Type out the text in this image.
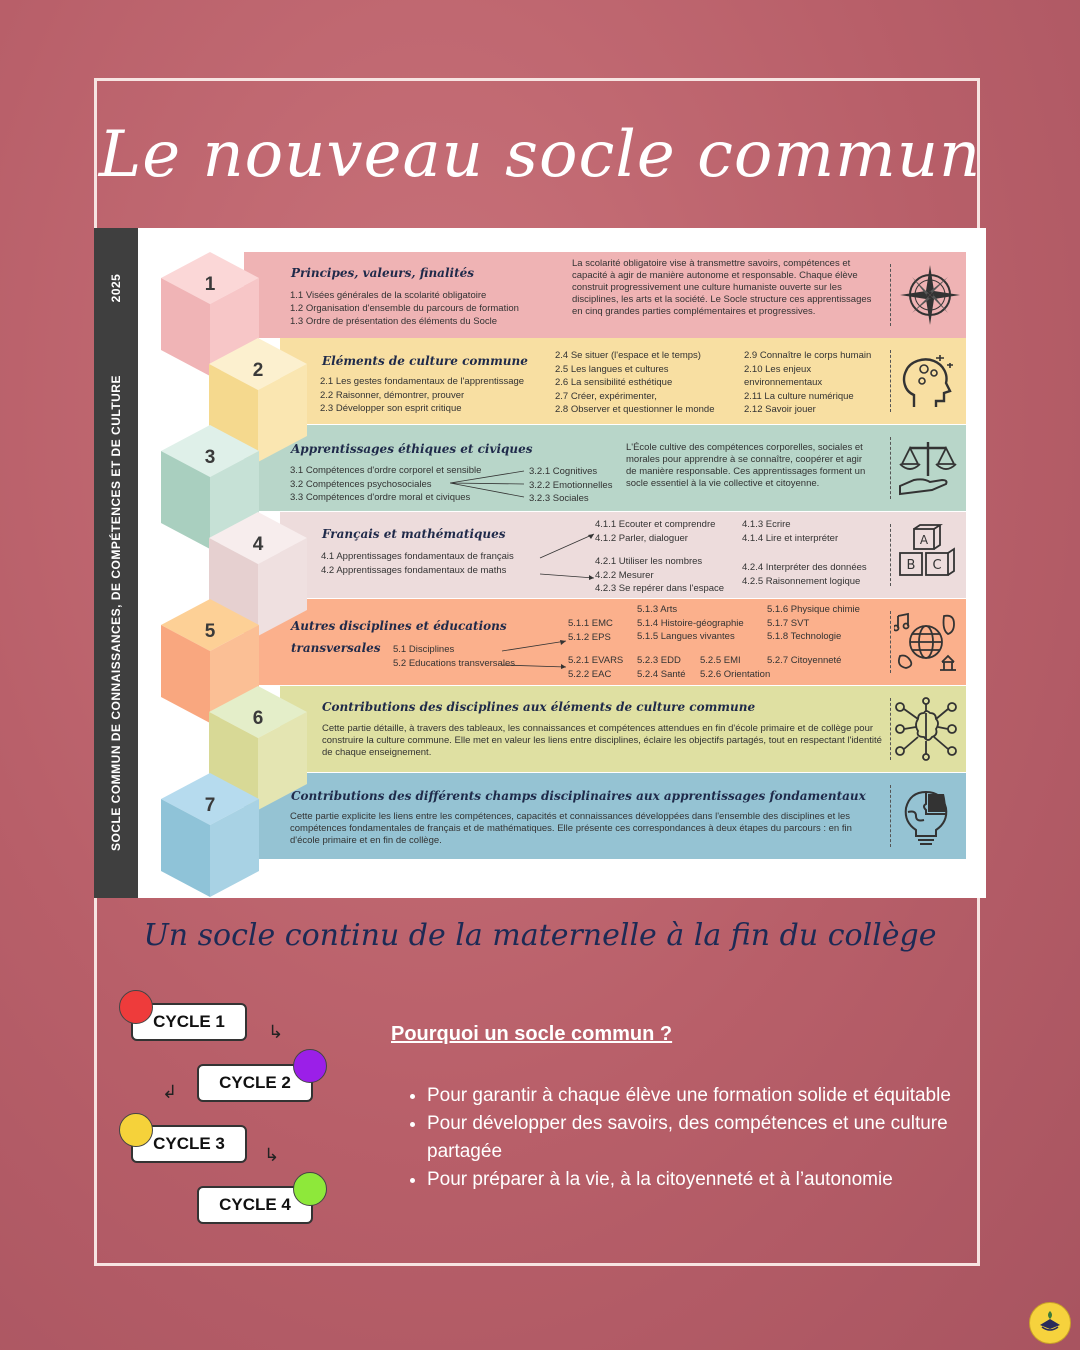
Le nouveau socle commun
2025
SOCLE COMMUN DE CONNAISSANCES, DE COMPÉTENCES ET DE CULTURE
Principes, valeurs, finalités
1.1 Visées générales de la scolarité obligatoire
1.2 Organisation d'ensemble du parcours de formation
1.3 Ordre de présentation des éléments du Socle
La scolarité obligatoire vise à transmettre savoirs, compétences et capacité à agir de manière autonome et responsable. Chaque élève construit progressivement une culture humaniste ouverte sur les disciplines, les arts et la société. Le Socle structure ces apprentissages en cinq grandes parties complémentaires et progressives.
Eléments de culture commune
2.1 Les gestes fondamentaux de l'apprentissage
2.2 Raisonner, démontrer, prouver
2.3 Développer son esprit critique
2.4 Se situer (l'espace et le temps)
2.5 Les langues et cultures
2.6 La sensibilité esthétique
2.7 Créer, expérimenter,
2.8 Observer et questionner le monde
2.9 Connaître le corps humain
2.10 Les enjeux
environnementaux
2.11 La culture numérique
2.12 Savoir jouer
Apprentissages éthiques et civiques
3.1 Compétences d'ordre corporel et sensible
3.2 Compétences psychosociales
3.3 Compétences d'ordre moral et civiques
3.2.1 Cognitives
3.2.2 Emotionnelles
3.2.3 Sociales
L'École cultive des compétences corporelles, sociales et morales pour apprendre à se connaître, coopérer et agir de manière responsable. Ces apprentissages forment un socle essentiel à la vie collective et citoyenne.
Français et mathématiques
4.1 Apprentissages fondamentaux de français
4.2 Apprentissages fondamentaux de maths
4.1.1 Ecouter et comprendre
4.1.2 Parler, dialoguer
4.1.3 Ecrire
4.1.4 Lire et interpréter
4.2.1 Utiliser les nombres
4.2.2 Mesurer
4.2.3 Se repérer dans l'espace
4.2.4 Interpréter des données
4.2.5 Raisonnement logique
A
B C
Autres disciplines et éducations
transversales	5.1 Disciplines
5.2 Educations transversales
5.1.1 EMC
5.1.2 EPS
5.1.3 Arts
5.1.4 Histoire-géographie
5.1.5 Langues vivantes
5.1.6 Physique chimie
5.1.7 SVT
5.1.8 Technologie
5.2.1 EVARS
5.2.2 EAC
5.2.3 EDD
5.2.4 Santé
5.2.5 EMI
5.2.6 Orientation
5.2.7 Citoyenneté
Contributions des disciplines aux éléments de culture commune
Cette partie détaille, à travers des tableaux, les connaissances et compétences attendues en fin d'école primaire et de collège pour construire la culture commune. Elle met en valeur les liens entre disciplines, éclaire les objectifs partagés, tout en respectant l'identité de chaque enseignement.
Contributions des différents champs disciplinaires aux apprentissages fondamentaux
Cette partie explicite les liens entre les compétences, capacités et connaissances développées dans l'ensemble des disciplines et les compétences fondamentales de français et de mathématiques. Elle présente ces correspondances à deux étapes du parcours : en fin d'école primaire et en fin de collège.
1
2
3
4
5
6
7
Un socle continu de la maternelle à la fin du collège
CYCLE 1
↳
CYCLE 2
↲
CYCLE 3
↳
CYCLE 4
Pourquoi un socle commun ?
• Pour garantir à chaque élève une formation solide et équitable
• Pour développer des savoirs, des compétences et une culture partagée
• Pour préparer à la vie, à la citoyenneté et à l’autonomie
